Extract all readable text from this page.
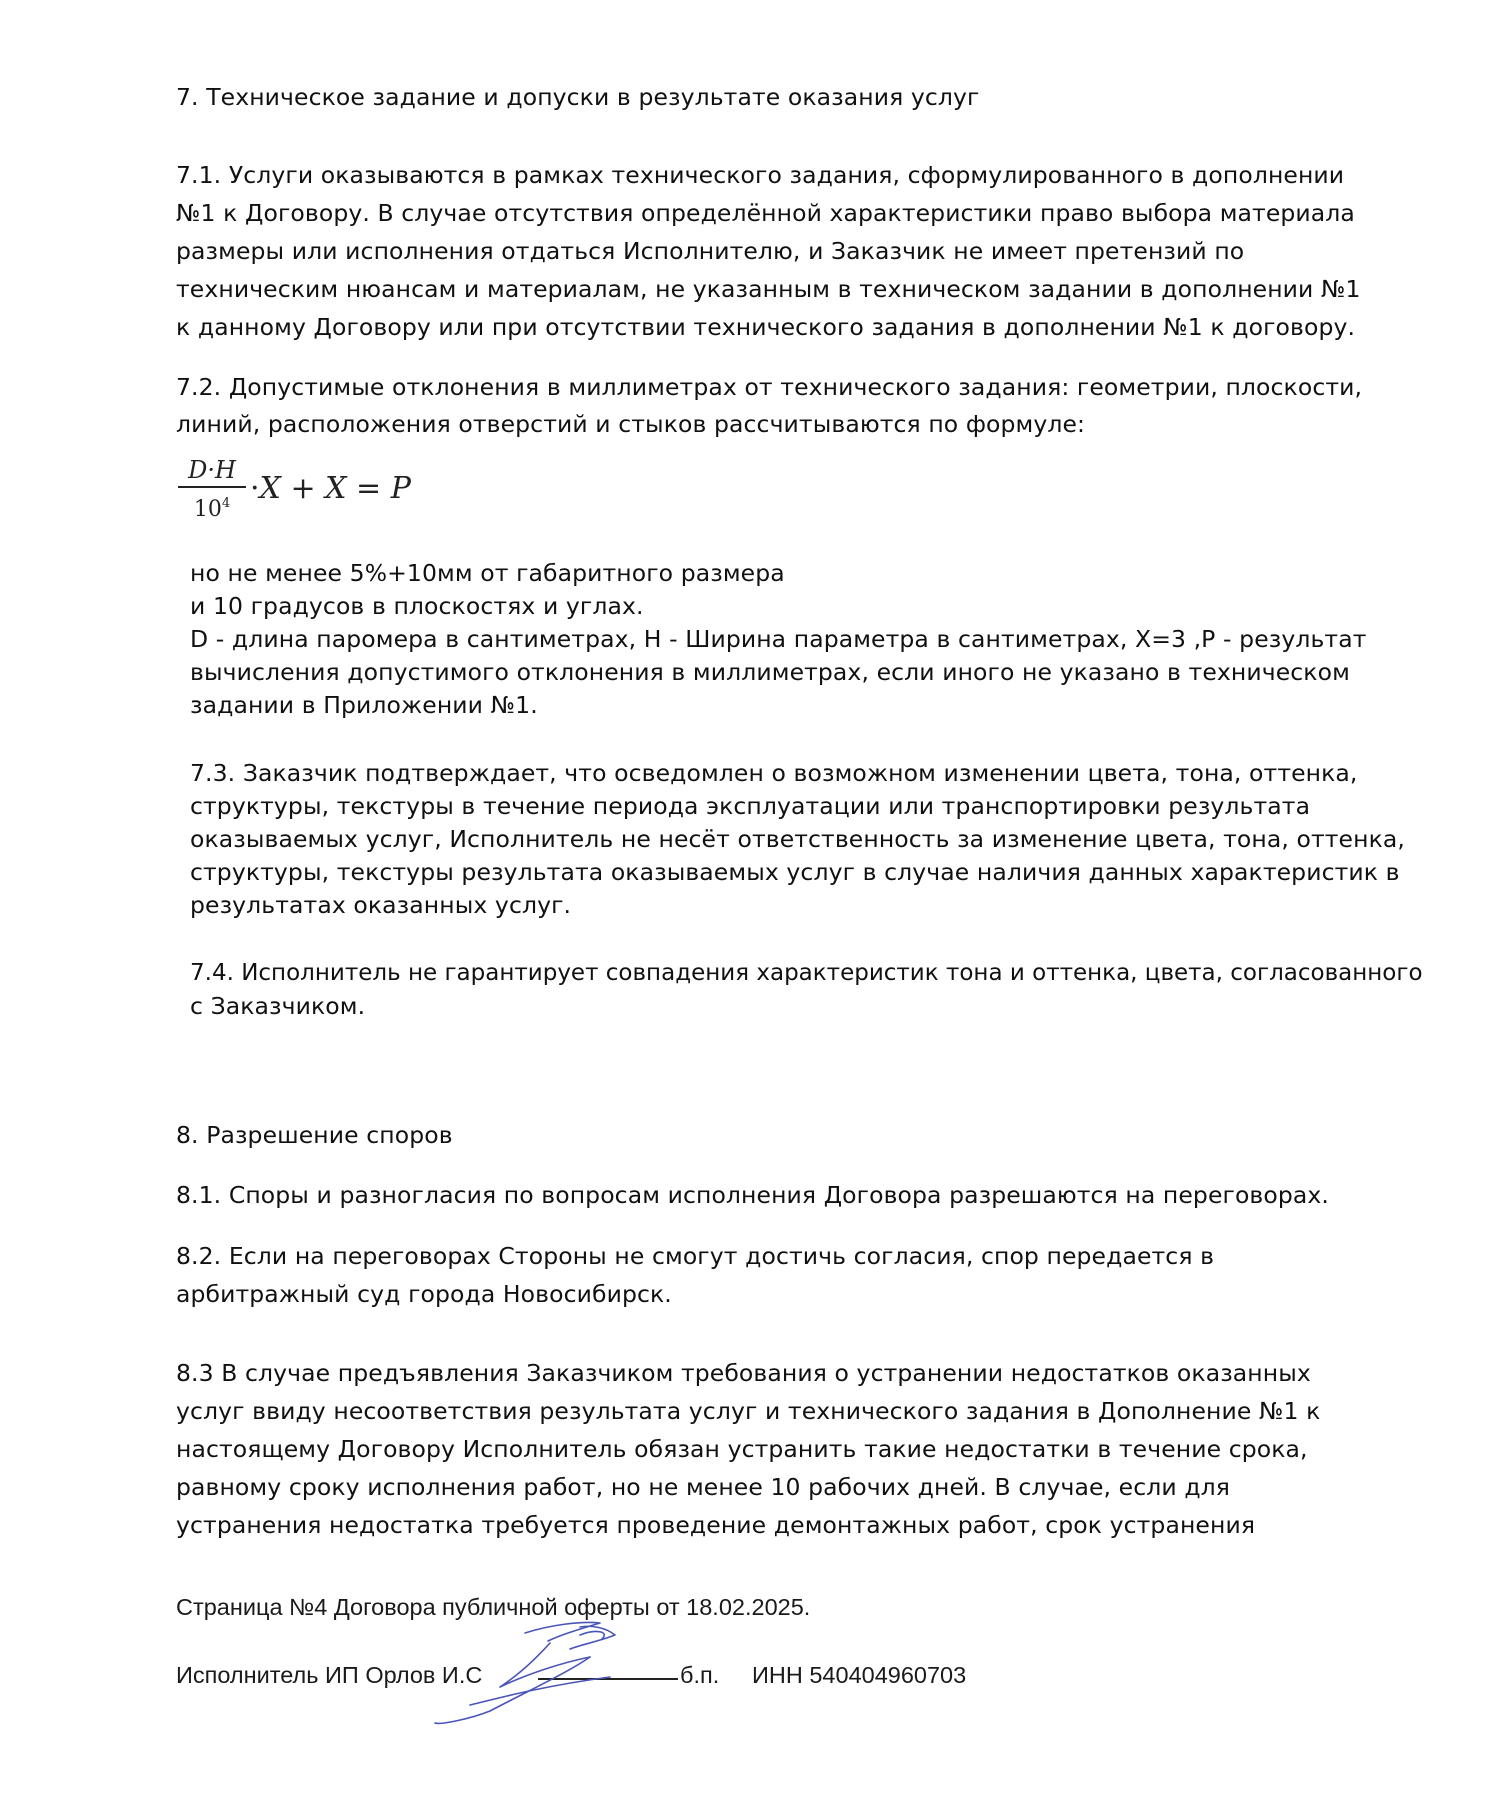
7. Техническое задание и допуски в результате оказания услуг
7.1. Услуги оказываются в рамках технического задания, сформулированного в дополнении
№1 к Договору. В случае отсутствия определённой характеристики право выбора материала
размеры или исполнения отдаться Исполнителю, и Заказчик не имеет претензий по
техническим нюансам и материалам, не указанным в техническом задании в дополнении №1
к данному Договору или при отсутствии технического задания в дополнении №1 к договору.
7.2. Допустимые отклонения в миллиметрах от технического задания: геометрии, плоскости,
линий, расположения отверстий и стыков рассчитываются по формуле:
D·H
$10^4 \cdot X + X = P$
но не менее 5%+10мм от габаритного размера
и 10 градусов в плоскостях и углах.
D - длина паромера в сантиметрах, H - Ширина параметра в сантиметрах, X=3 ,P - результат
вычисления допустимого отклонения в миллиметрах, если иного не указано в техническом
задании в Приложении №1.
7.3. Заказчик подтверждает, что осведомлен о возможном изменении цвета, тона, оттенка,
структуры, текстуры в течение периода эксплуатации или транспортировки результата
оказываемых услуг, Исполнитель не несёт ответственность за изменение цвета, тона, оттенка,
структуры, текстуры результата оказываемых услуг в случае наличия данных характеристик в
результатах оказанных услуг.
7.4. Исполнитель не гарантирует совпадения характеристик тона и оттенка, цвета, согласованного
с Заказчиком.
8. Разрешение споров
8.1. Споры и разногласия по вопросам исполнения Договора разрешаются на переговорах.
8.2. Если на переговорах Стороны не смогут достичь согласия, спор передается в
арбитражный суд города Новосибирск.
8.3 В случае предъявления Заказчиком требования о устранении недостатков оказанных
услуг ввиду несоответствия результата услуг и технического задания в Дополнение №1 к
настоящему Договору Исполнитель обязан устранить такие недостатки в течение срока,
равному сроку исполнения работ, но не менее 10 рабочих дней. В случае, если для
устранения недостатка требуется проведение демонтажных работ, срок устранения
Страница №4 Договора публичной оферты от 18.02.2025.
Исполнитель ИП Орлов И.С	б.п. ИНН 540404960703
